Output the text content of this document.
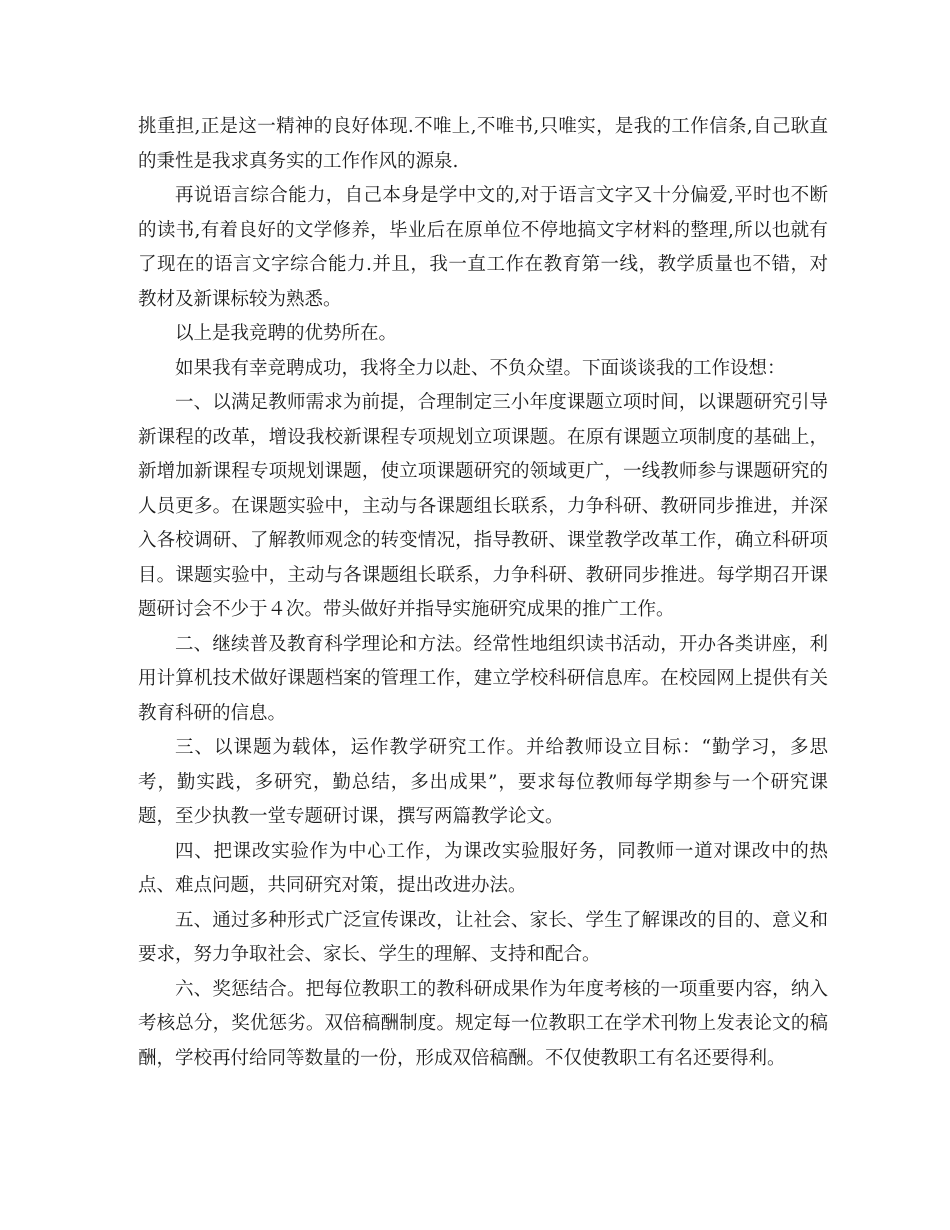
挑重担,正是这一精神的良好体现.不唯上,不唯书,只唯实，是我的工作信条,自己耿直的秉性是我求真务实的工作作风的源泉.

再说语言综合能力，自己本身是学中文的,对于语言文字又十分偏爱,平时也不断的读书,有着良好的文学修养，毕业后在原单位不停地搞文字材料的整理,所以也就有了现在的语言文字综合能力.并且，我一直工作在教育第一线，教学质量也不错，对教材及新课标较为熟悉。

以上是我竞聘的优势所在。

如果我有幸竞聘成功，我将全力以赴、不负众望。下面谈谈我的工作设想：

一、以满足教师需求为前提，合理制定三小年度课题立项时间，以课题研究引导新课程的改革，增设我校新课程专项规划立项课题。在原有课题立项制度的基础上，新增加新课程专项规划课题，使立项课题研究的领域更广，一线教师参与课题研究的人员更多。在课题实验中，主动与各课题组长联系，力争科研、教研同步推进，并深入各校调研、了解教师观念的转变情况，指导教研、课堂教学改革工作，确立科研项目。课题实验中，主动与各课题组长联系，力争科研、教研同步推进。每学期召开课题研讨会不少于４次。带头做好并指导实施研究成果的推广工作。

二、继续普及教育科学理论和方法。经常性地组织读书活动，开办各类讲座，利用计算机技术做好课题档案的管理工作，建立学校科研信息库。在校园网上提供有关教育科研的信息。

三、以课题为载体，运作教学研究工作。并给教师设立目标：“勤学习，多思考，勤实践，多研究，勤总结，多出成果”，要求每位教师每学期参与一个研究课题，至少执教一堂专题研讨课，撰写两篇教学论文。

四、把课改实验作为中心工作，为课改实验服好务，同教师一道对课改中的热点、难点问题，共同研究对策，提出改进办法。

五、通过多种形式广泛宣传课改，让社会、家长、学生了解课改的目的、意义和要求，努力争取社会、家长、学生的理解、支持和配合。

六、奖惩结合。把每位教职工的教科研成果作为年度考核的一项重要内容，纳入考核总分，奖优惩劣。双倍稿酬制度。规定每一位教职工在学术刊物上发表论文的稿酬，学校再付给同等数量的一份，形成双倍稿酬。不仅使教职工有名还要得利。
